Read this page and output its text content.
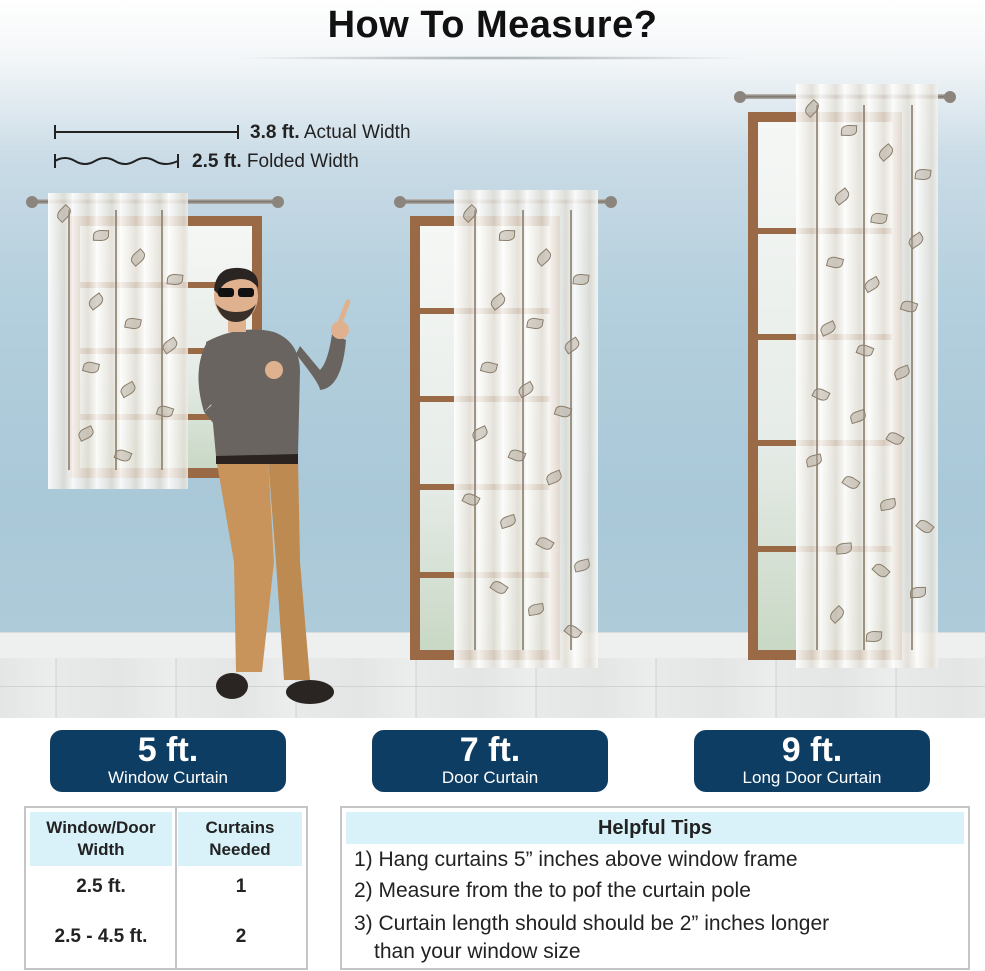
3.8 ft. Actual Width
2.5 ft. Folded Width
How To Measure?
5 ft.
Window Curtain
7 ft.
Door Curtain
9 ft.
Long Door Curtain
Window/Door Width
Curtains Needed
2.5 ft.	1
2.5 - 4.5 ft.	2
Helpful Tips
1) Hang curtains 5” inches above window frame
2) Measure from the to pof the curtain pole
3) Curtain length should should be 2” inches longer
than your window size
